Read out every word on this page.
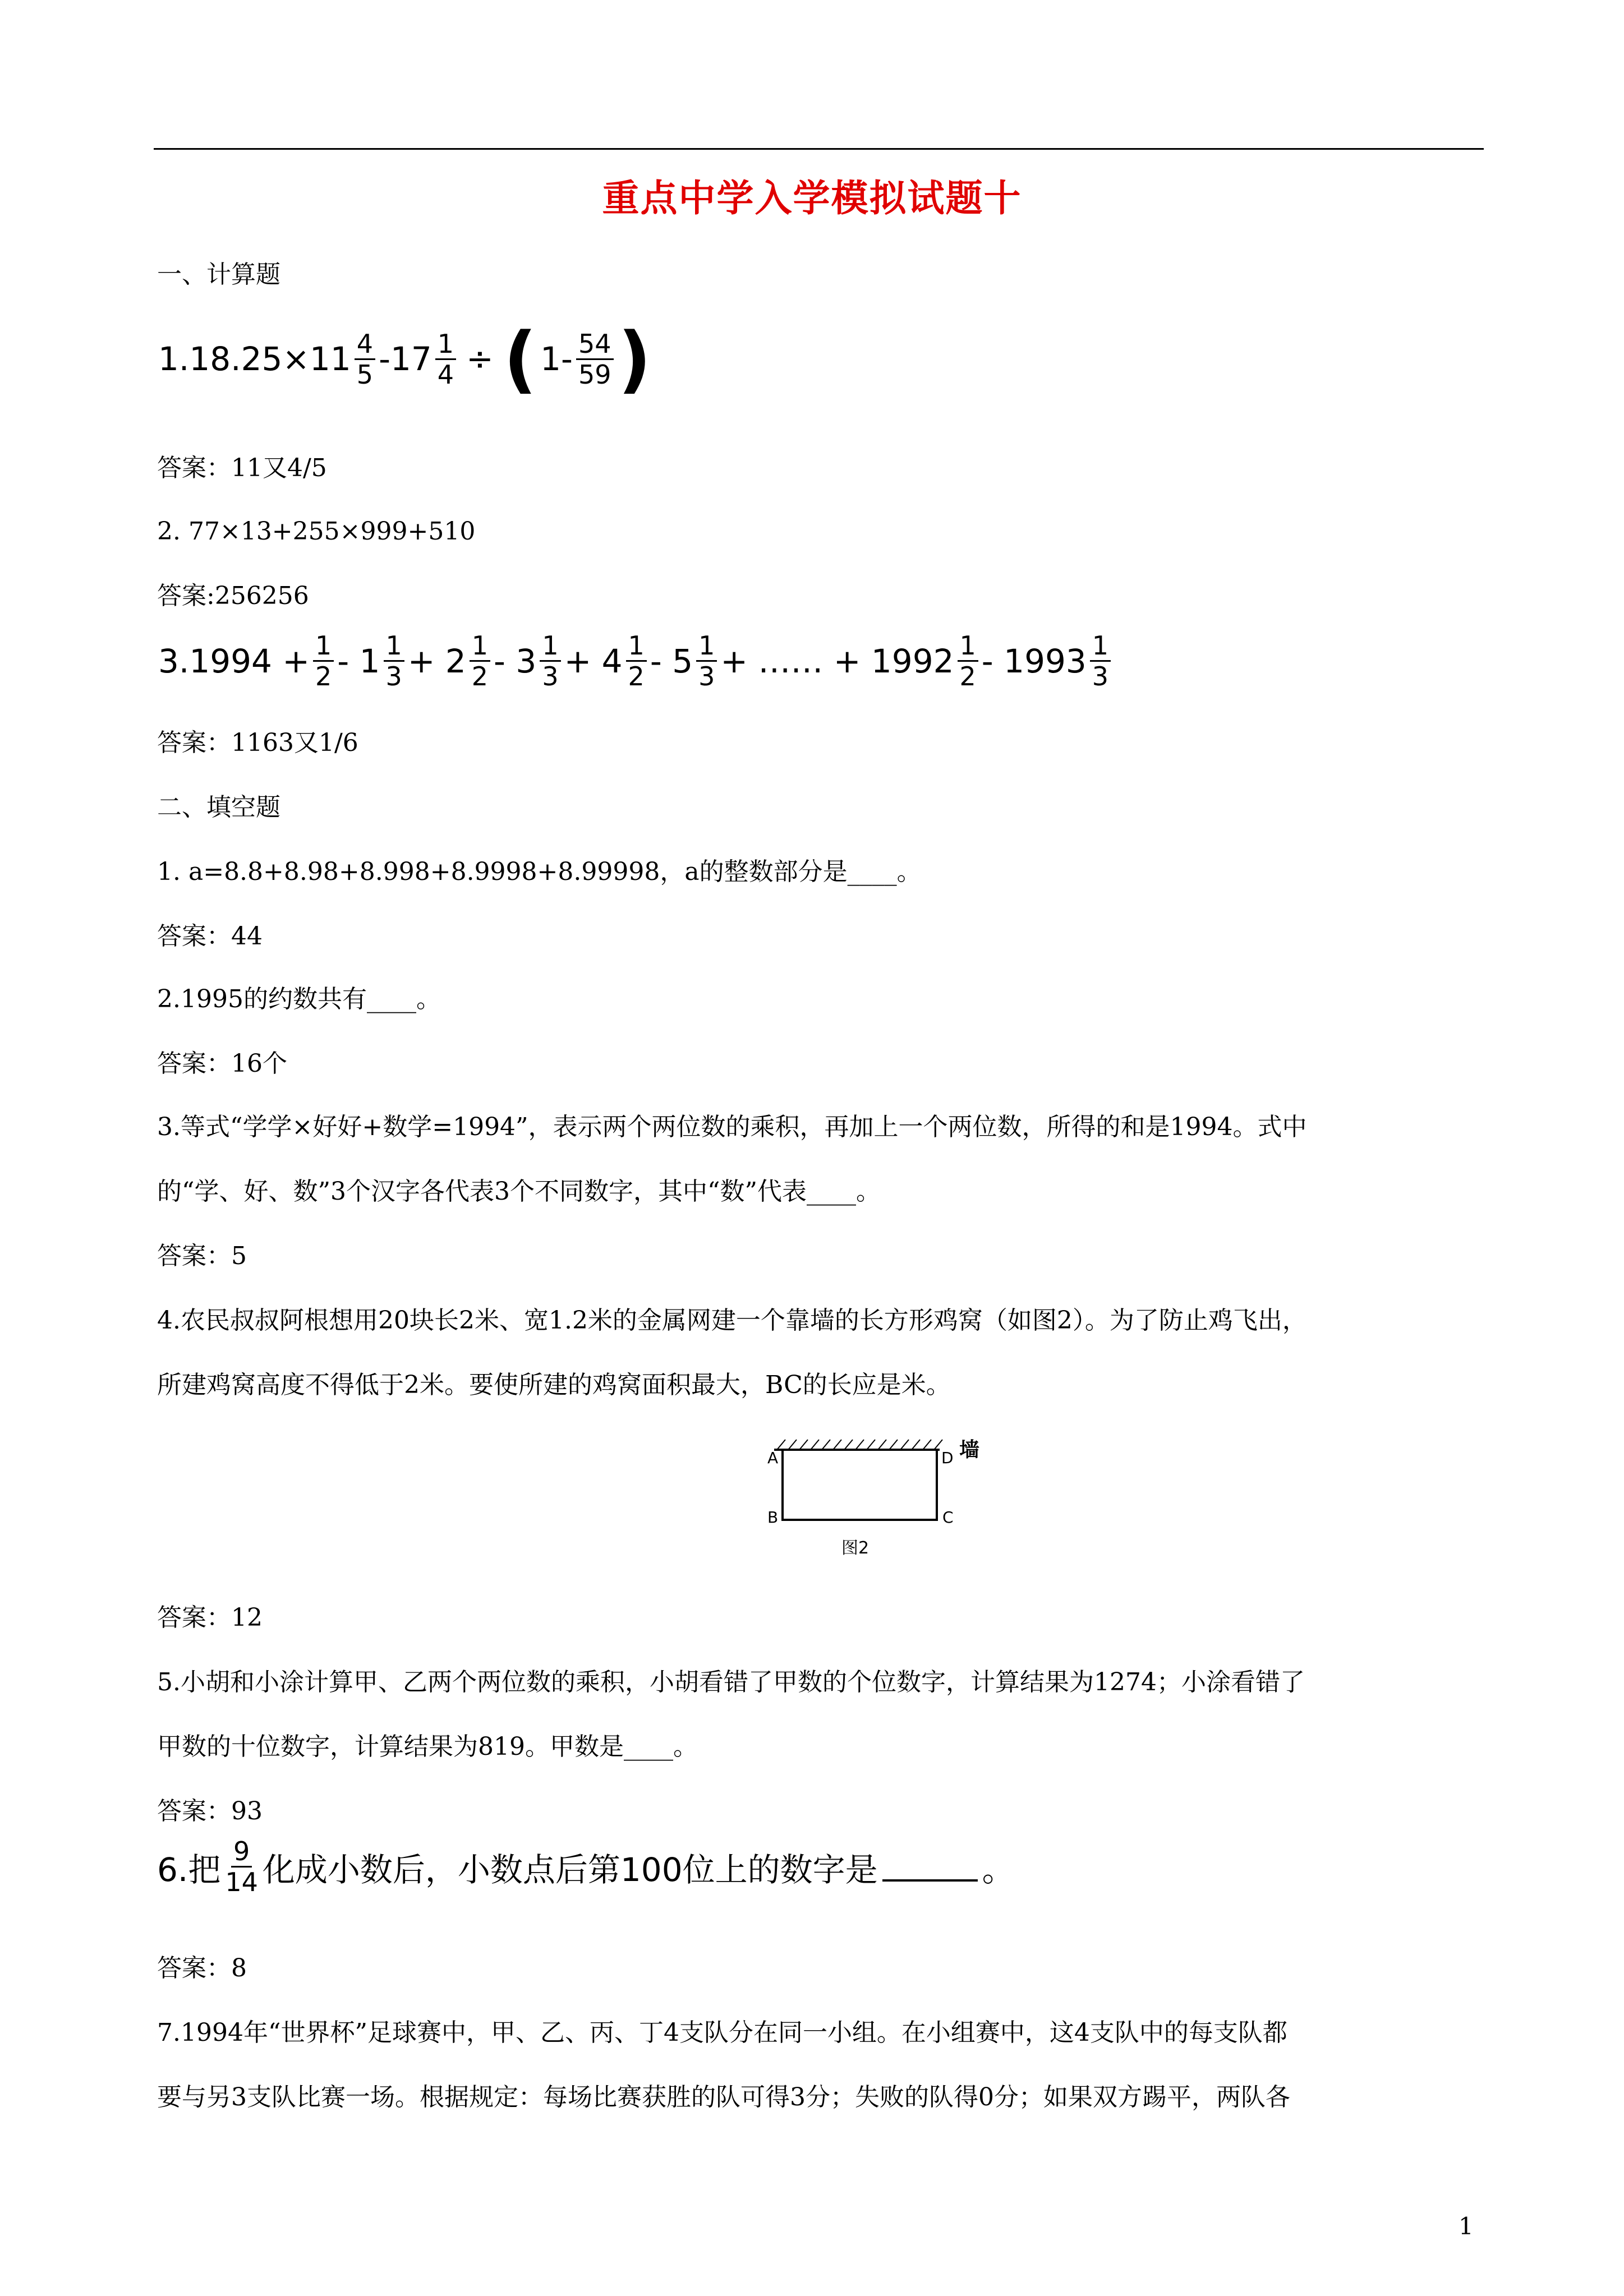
重点中学入学模拟试题十
一、计算题
$1.18.25\times 11 \frac{4}{5} -17 \frac{1}{4}$ ÷ ( $1- \frac{54}{59}$ )
答案：11又4/5
2. 77×13+255×999+510
答案:256256
$3.1994 + \frac{1}{2} - 1 \frac{1}{3} + 2 \frac{1}{2} - 3 \frac{1}{3} + 4 \frac{1}{2} - 5 \frac{1}{3}$ + …… + $1992 \frac{1}{2} - 1993 \frac{1}{3}$
答案：1163又1/6
二、填空题
1. a=8.8+8.98+8.998+8.9998+8.99998，a的整数部分是____。
答案：44
2.1995的约数共有____。
答案：16个
3.等式“学学×好好+数学=1994”，表示两个两位数的乘积，再加上一个两位数，所得的和是1994。式中
的“学、好、数”3个汉字各代表3个不同数字，其中“数”代表____。
答案：5
4.农民叔叔阿根想用20块长2米、宽1.2米的金属网建一个靠墙的长方形鸡窝（如图2）。为了防止鸡飞出，
所建鸡窝高度不得低于2米。要使所建的鸡窝面积最大，BC的长应是米。
A	D 墙
B	C
图2
答案：12
5.小胡和小涂计算甲、乙两个两位数的乘积，小胡看错了甲数的个位数字，计算结果为1274；小涂看错了
甲数的十位数字，计算结果为819。甲数是____。
答案：93
6.把 $\frac{9}{14}$ 化成小数后，小数点后第100位上的数字是	。
答案：8
7.1994年“世界杯”足球赛中，甲、乙、丙、丁4支队分在同一小组。在小组赛中，这4支队中的每支队都
要与另3支队比赛一场。根据规定：每场比赛获胜的队可得3分；失败的队得0分；如果双方踢平，两队各
1
